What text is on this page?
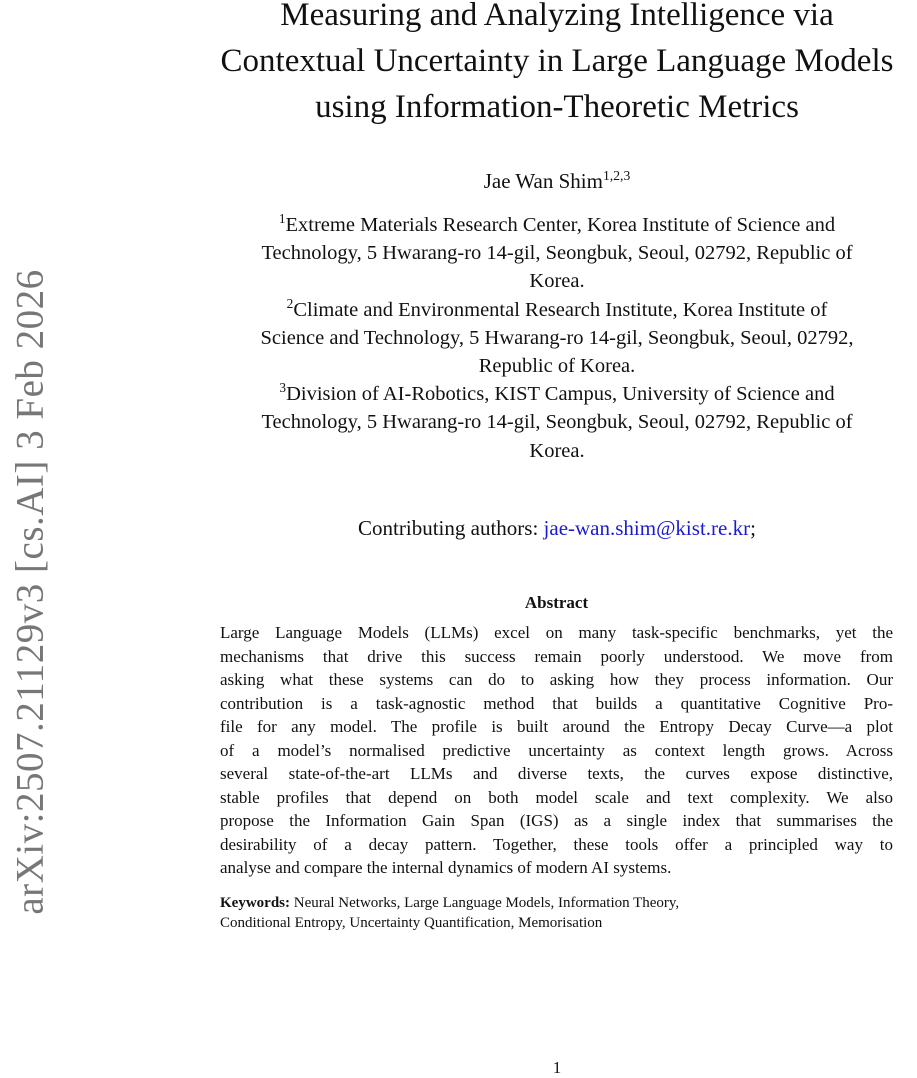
arXiv:2507.21129v3 [cs.AI] 3 Feb 2026
Measuring and Analyzing Intelligence via
Contextual Uncertainty in Large Language Models
using Information-Theoretic Metrics
Jae Wan Shim$^{1,2,3}$
$^1$Extreme Materials Research Center, Korea Institute of Science and
Technology, 5 Hwarang-ro 14-gil, Seongbuk, Seoul, 02792, Republic of
Korea.
$^2$Climate and Environmental Research Institute, Korea Institute of
Science and Technology, 5 Hwarang-ro 14-gil, Seongbuk, Seoul, 02792,
Republic of Korea.
$^3$Division of AI-Robotics, KIST Campus, University of Science and
Technology, 5 Hwarang-ro 14-gil, Seongbuk, Seoul, 02792, Republic of
Korea.
Contributing authors: jae-wan.shim@kist.re.kr;
Abstract
Large Language Models (LLMs) excel on many task-specific benchmarks, yet the
mechanisms that drive this success remain poorly understood. We move from
asking what these systems can do to asking how they process information. Our
contribution is a task-agnostic method that builds a quantitative Cognitive Pro-
file for any model. The profile is built around the Entropy Decay Curve—a plot
of a model’s normalised predictive uncertainty as context length grows. Across
several state-of-the-art LLMs and diverse texts, the curves expose distinctive,
stable profiles that depend on both model scale and text complexity. We also
propose the Information Gain Span (IGS) as a single index that summarises the
desirability of a decay pattern. Together, these tools offer a principled way to
analyse and compare the internal dynamics of modern AI systems.
Keywords: Neural Networks, Large Language Models, Information Theory,
Conditional Entropy, Uncertainty Quantification, Memorisation
1
